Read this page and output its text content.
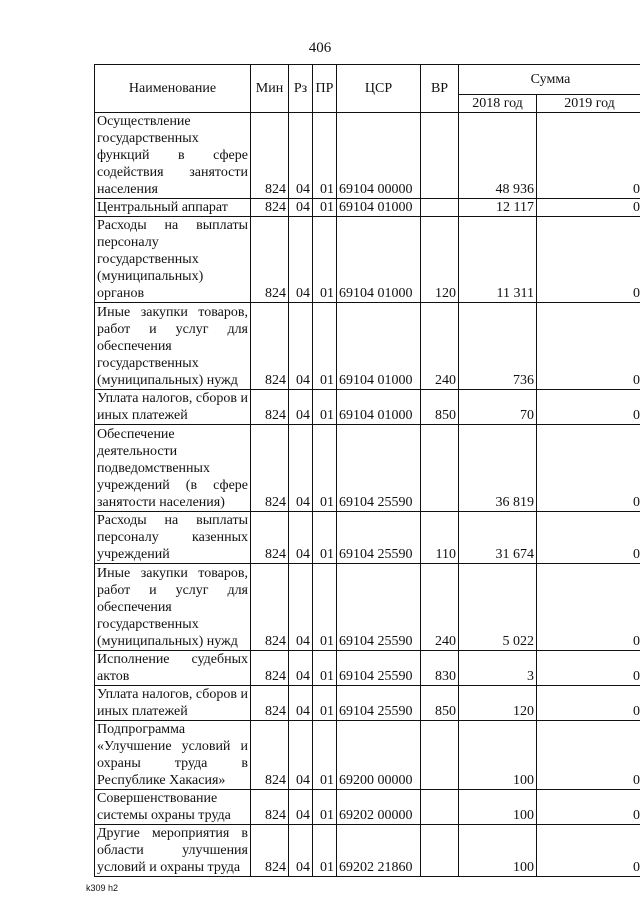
406
Наименование	Мин	Рз	ПР	ЦСР	ВР	Сумма	
						2018 год	2019 год
Осуществление государственных функций в сфере содействия занятости населения	824	04	01	69104 00000		48 936	0
Центральный аппарат	824	04	01	69104 01000		12 117	0
Расходы на выплаты персоналу государственных (муниципальных) органов	824	04	01	69104 01000	120	11 311	0
Иные закупки товаров, работ и услуг для обеспечения государственных (муниципальных) нужд	824	04	01	69104 01000	240	736	0
Уплата налогов, сборов и иных платежей	824	04	01	69104 01000	850	70	0
Обеспечение деятельности подведомственных учреждений (в сфере занятости населения)	824	04	01	69104 25590		36 819	0
Расходы на выплаты персоналу казенных учреждений	824	04	01	69104 25590	110	31 674	0
Иные закупки товаров, работ и услуг для обеспечения государственных (муниципальных) нужд	824	04	01	69104 25590	240	5 022	0
Исполнение судебных актов	824	04	01	69104 25590	830	3	0
Уплата налогов, сборов и иных платежей	824	04	01	69104 25590	850	120	0
Подпрограмма «Улучшение условий и охраны труда в Республике Хакасия»	824	04	01	69200 00000		100	0
Совершенствование системы охраны труда	824	04	01	69202 00000		100	0
Другие мероприятия в области улучшения условий и охраны труда	824	04	01	69202 21860		100	0
k309 h2
